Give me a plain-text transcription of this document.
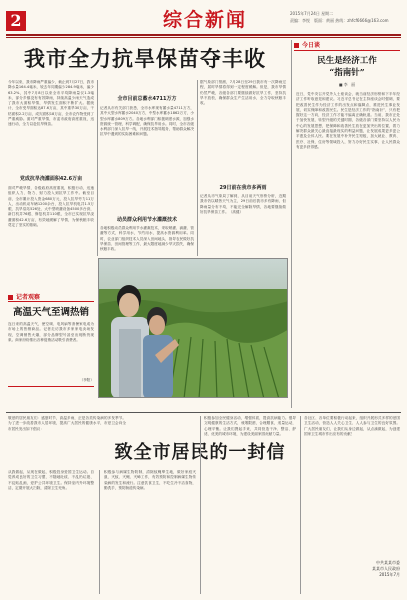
2	综合新闻	2015年7月24日 星期二
责编：李悦　版面：黄丽 热线：zhfcf6666@163.com
我市全力抗旱保苗夺丰收
今年以来，我市降雨严重偏少，截止到7月27日，我市降水量164.4毫米，较去年同期偏少284.9毫米，偏少63.2%，其中7月8日以来全市平均降雨量仅1.3毫米，部分乡镇没有有效降雨，持续高温少雨天气造成了我市大面积旱情，旱情发生面积不断扩大。据统计，全市受旱面积达87.6万亩，其中重旱30万亩，干枯面积2.2万亩，成灾面积18万亩，全市农作物受到了严重威胁。面对严重旱情，市委市政府高度重视，迅速行动，全力以赴抗旱保苗。
党成抗旱浇灌面积42.6万亩
面对严峻旱情，各级政府高度重视，积极行动，迅速组织人力、物力、财力投入到抗旱工作中。截至目前，全市累计投入资金680万元，投入抗旱劳力11万人，出动机动车辆1200余台，投入抗旱机电井1.5万眼、抗旱泵站526处、大中型喷灌设备4500多台套，新打机井76眼、修复机井110眼，全市已实现抗旱浇灌面积42.6万亩，有效地缓解了旱情，为保秋粮丰收奠定了坚实的基础。
全市目前总蓄水4711万方
记者从市有关部门获悉，全市水库现有蓄水量4711万方，其中大型水库蓄水2040万方，中型水库蓄水1862万方，小型水库蓄水809万方。各地水利部门积极调度水源，加强水资源统一管理，科学调配，确保抗旱用水。同时，全市各级水利部门深入抗旱一线，开展技术指导服务，帮助群众解决抗旱中遇到的实际困难和问题。
动员群众利用节水灌溉技术
各地积极动员群众利用节水灌溉技术，采取喷灌、滴灌、管灌等方式，科学用水，节约用水，提高水资源利用率。同时，农业部门组织技术人员深入田间地头，指导农民做好抗旱保苗、田间管理等工作，最大限度地减少旱灾损失，确保秋粮丰收。
据气象部门预测，7月28日至29日我市有一次降雨过程，届时旱情将得到一定程度缓解。但是，我市旱情仍然严峻，各级各部门要继续做好抗旱工作，坚持抗旱不放松，确保群众生产生活用水，全力夺取秋粮丰收。
29日前在我市多两雨
记者从市气象局了解到，从目前天气形势分析，近期我市仍以晴热天气为主，29日前后我市多有降雨，但降雨量分布不均，不能完全解除旱情，各地要继续做好抗旱保苗工作。（高健）
记者观察
高温天气至调热销
连日来的高温天气，使空调、电风扇等消暑家电成为市场上的热销商品。记者走访我市多家家电卖场发现，空调销售火爆，部分品牌型号甚至出现断货现象。商家纷纷推出各种促销活动吸引消费者。
（李阳）
今日谈
民生是经济工作
“指南针”
■ 李　丽
近日，党中央召开党外人士座谈会，就当前经济形势和下半年经济工作听取意见和建议。习近平总书记在主持座谈会时强调，要把改善民生作为经济工作的出发点和落脚点，推进民生事业发展，切实保障和改善民生。民生是经济工作的“指南针”，只有把握好这一方向，经济工作才能不偏离正确轨道。当前，我市正处于加快发展、转型升级的关键时期，各级各部门要坚持以人民为中心的发展思想，把保障和改善民生放在更加突出的位置，着力解决群众最关心最直接最现实的利益问题，让发展成果更多更公平惠及全体人民。要在发展中补齐民生短板，加大就业、教育、医疗、社保、住房等领域投入，努力办好民生实事，让人民群众有更多获得感。
敬爱的居民朋友们：盛夏时节，高温多雨，正是各类传染病的多发季节。为了进一步改善我市人居环境，提高广大居民的健康水平，市爱卫会向全市居民发出如下倡议：
致全市居民的一封信
从我做起，从现在做起，积极投身爱国卫生运动。自觉养成良好的卫生习惯，不随地吐痰、不乱扔垃圾、不乱贴乱画，爱护公共环境卫生。保持室内外环境整洁，定期开展大扫除，清除卫生死角。
积极参与病媒生物防制，清除蚊蝇孳生地，做好家庭灭鼠、灭蚊、灭蝇、灭蟑工作，有效预防和控制病媒生物传染病的发生和流行。注意饮食卫生，不吃生冷不洁食物，勤洗手，预防肠道传染病。
积极参加全民健身活动，增强体质，提高抗病能力。倡导文明健康的生活方式，戒烟限酒，合理膳食，适量运动，心理平衡。让我们携起手来，共同营造干净、整洁、舒适、优美的城市环境，为建设美丽家园贡献力量。
各社区、各单位要积极行动起来，组织开展形式多样的爱国卫生活动，营造人人关心卫生、人人参与卫生的良好氛围。广大居民朋友们，让我们从身边做起，从点滴做起，为创建国家卫生城市作出应有的贡献！
中共某某市委
某某市人民政府
2015年7月
